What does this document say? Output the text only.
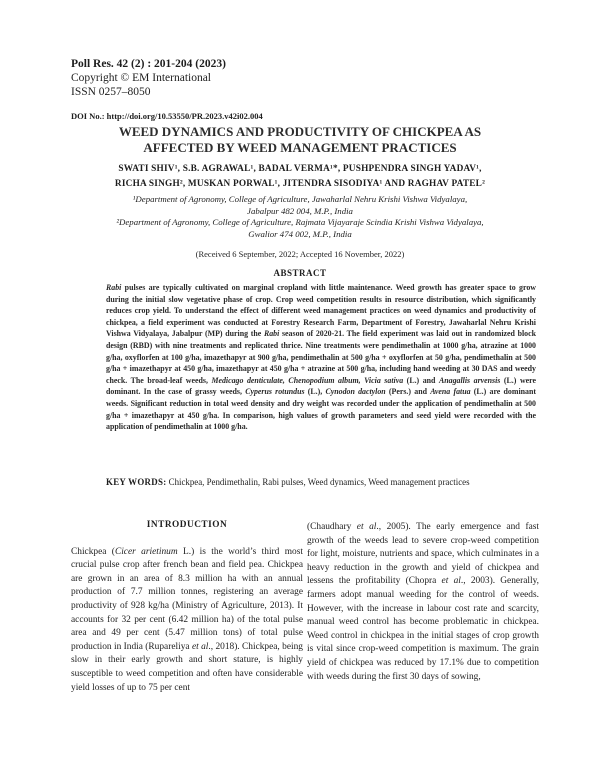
Poll Res. 42 (2) : 201-204 (2023)
Copyright © EM International
ISSN 0257–8050
DOI No.: http://doi.org/10.53550/PR.2023.v42i02.004
WEED DYNAMICS AND PRODUCTIVITY OF CHICKPEA AS
AFFECTED BY WEED MANAGEMENT PRACTICES
SWATI SHIV¹, S.B. AGRAWAL¹, BADAL VERMA¹*, PUSHPENDRA SINGH YADAV¹,
RICHA SINGH², MUSKAN PORWAL¹, JITENDRA SISODIYA¹ AND RAGHAV PATEL²
¹Department of Agronomy, College of Agriculture, Jawaharlal Nehru Krishi Vishwa Vidyalaya,
Jabalpur 482 004, M.P., India
²Department of Agronomy, College of Agriculture, Rajmata Vijayaraje Scindia Krishi Vishwa Vidyalaya,
Gwalior 474 002, M.P., India
(Received 6 September, 2022; Accepted 16 November, 2022)
ABSTRACT
Rabi pulses are typically cultivated on marginal cropland with little maintenance. Weed growth has greater space to grow during the initial slow vegetative phase of crop. Crop weed competition results in resource distribution, which significantly reduces crop yield. To understand the effect of different weed management practices on weed dynamics and productivity of chickpea, a field experiment was conducted at Forestry Research Farm, Department of Forestry, Jawaharlal Nehru Krishi Vishwa Vidyalaya, Jabalpur (MP) during the Rabi season of 2020-21. The field experiment was laid out in randomized block design (RBD) with nine treatments and replicated thrice. Nine treatments were pendimethalin at 1000 g/ha, atrazine at 1000 g/ha, oxyflorfen at 100 g/ha, imazethapyr at 900 g/ha, pendimethalin at 500 g/ha + oxyflorfen at 50 g/ha, pendimethalin at 500 g/ha + imazethapyr at 450 g/ha, imazethapyr at 450 g/ha + atrazine at 500 g/ha, including hand weeding at 30 DAS and weedy check. The broad-leaf weeds, Medicago denticulate, Chenopodium album, Vicia sativa (L.) and Anagallis arvensis (L.) were dominant. In the case of grassy weeds, Cyperus rotundus (L.), Cynodon dactylon (Pers.) and Avena fatua (L.) are dominant weeds. Significant reduction in total weed density and dry weight was recorded under the application of pendimethalin at 500 g/ha + imazethapyr at 450 g/ha. In comparison, high values of growth parameters and seed yield were recorded with the application of pendimethalin at 1000 g/ha.
KEY WORDS: Chickpea, Pendimethalin, Rabi pulses, Weed dynamics, Weed management practices
INTRODUCTION

Chickpea (Cicer arietinum L.) is the world’s third most crucial pulse crop after french bean and field pea. Chickpea are grown in an area of 8.3 million ha with an annual production of 7.7 million tonnes, registering an average productivity of 928 kg/ha (Ministry of Agriculture, 2013). It accounts for 32 per cent (6.42 million ha) of the total pulse area and 49 per cent (5.47 million tons) of total pulse production in India (Rupareliya et al., 2018). Chickpea, being slow in their early growth and short stature, is highly susceptible to weed competition and often have considerable yield losses of up to 75 per cent

(Chaudhary et al., 2005). The early emergence and fast growth of the weeds lead to severe crop-weed competition for light, moisture, nutrients and space, which culminates in a heavy reduction in the growth and yield of chickpea and lessens the profitability (Chopra et al., 2003). Generally, farmers adopt manual weeding for the control of weeds. However, with the increase in labour cost rate and scarcity, manual weed control has become problematic in chickpea. Weed control in chickpea in the initial stages of crop growth is vital since crop-weed competition is maximum. The grain yield of chickpea was reduced by 17.1% due to competition with weeds during the first 30 days of sowing,
